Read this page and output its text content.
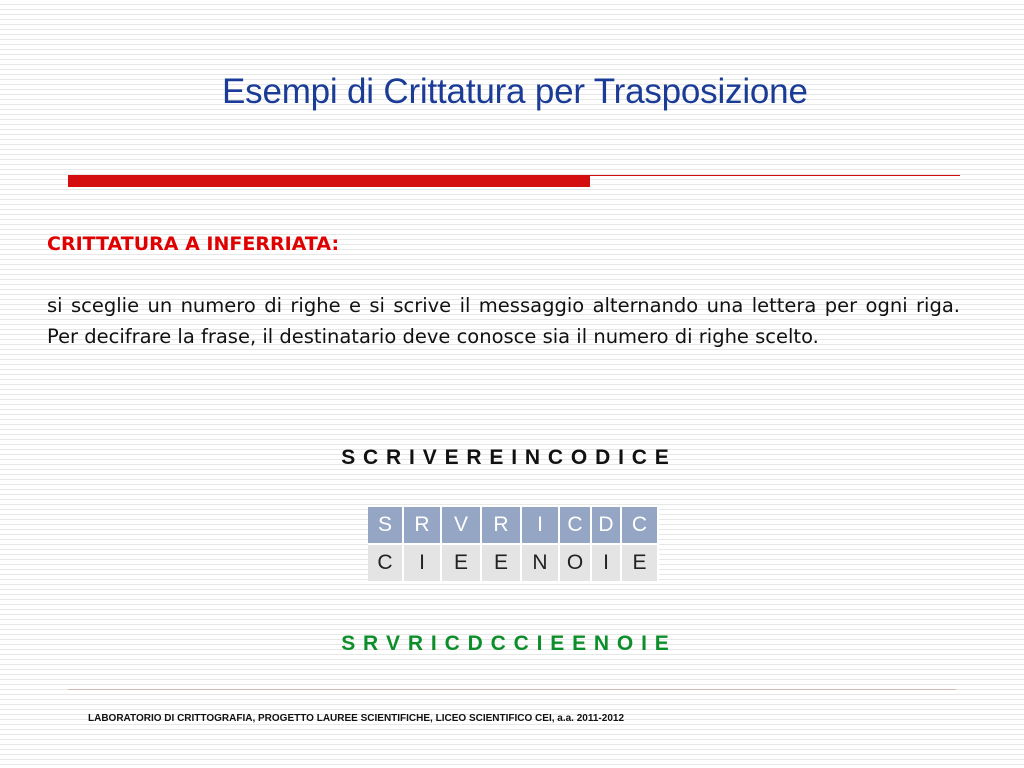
Esempi di Crittatura per Trasposizione
CRITTATURA A INFERRIATA:

si sceglie un numero di righe e si scrive il messaggio alternando una lettera per ogni riga. Per decifrare la frase, il destinatario deve conosce sia il numero di righe scelto.

S C R I V E R E I N C O D I C E

S	R	V	R	I	C	D	C
C	I	E	E	N	O	I	E

S R V R I C D C C I E E N O I E

LABORATORIO DI CRITTOGRAFIA, PROGETTO LAUREE SCIENTIFICHE, LICEO SCIENTIFICO CEI, a.a. 2011-2012
